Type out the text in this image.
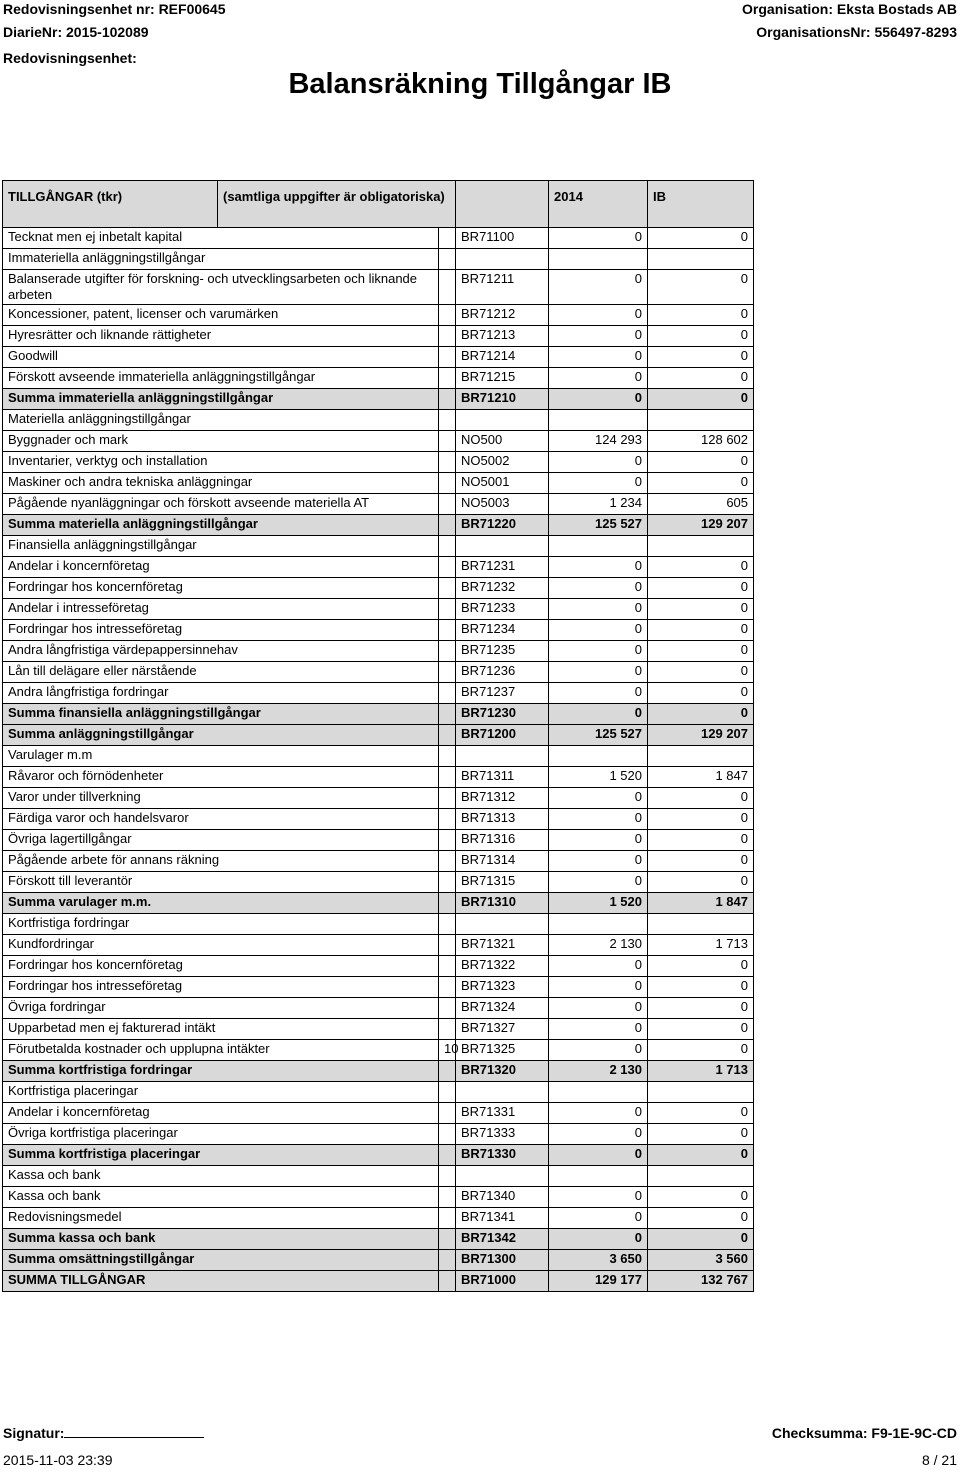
Redovisningsenhet nr: REF00645
DiarieNr: 2015-102089
Redovisningsenhet:
Organisation: Eksta Bostads AB
OrganisationsNr: 556497-8293
Balansräkning Tillgångar IB
TILLGÅNGAR (tkr)	(samtliga uppgifter är obligatoriska)			2014	IB
Tecknat men ej inbetalt kapital			BR71100	0	0
Immateriella anläggningstillgångar					
Balanserade utgifter för forskning- och utvecklingsarbeten och liknande arbeten			BR71211	0	0
Koncessioner, patent, licenser och varumärken			BR71212	0	0
Hyresrätter och liknande rättigheter			BR71213	0	0
Goodwill			BR71214	0	0
Förskott avseende immateriella anläggningstillgångar			BR71215	0	0
Summa immateriella anläggningstillgångar			BR71210	0	0
Materiella anläggningstillgångar					
Byggnader och mark			NO500	124 293	128 602
Inventarier, verktyg och installation			NO5002	0	0
Maskiner och andra tekniska anläggningar			NO5001	0	0
Pågående nyanläggningar och förskott avseende materiella AT			NO5003	1 234	605
Summa materiella anläggningstillgångar			BR71220	125 527	129 207
Finansiella anläggningstillgångar					
Andelar i koncernföretag			BR71231	0	0
Fordringar hos koncernföretag			BR71232	0	0
Andelar i intresseföretag			BR71233	0	0
Fordringar hos intresseföretag			BR71234	0	0
Andra långfristiga värdepappersinnehav			BR71235	0	0
Lån till delägare eller närstående			BR71236	0	0
Andra långfristiga fordringar			BR71237	0	0
Summa finansiella anläggningstillgångar			BR71230	0	0
Summa anläggningstillgångar			BR71200	125 527	129 207
Varulager m.m					
Råvaror och förnödenheter			BR71311	1 520	1 847
Varor under tillverkning			BR71312	0	0
Färdiga varor och handelsvaror			BR71313	0	0
Övriga lagertillgångar			BR71316	0	0
Pågående arbete för annans räkning			BR71314	0	0
Förskott till leverantör			BR71315	0	0
Summa varulager m.m.			BR71310	1 520	1 847
Kortfristiga fordringar					
Kundfordringar			BR71321	2 130	1 713
Fordringar hos koncernföretag			BR71322	0	0
Fordringar hos intresseföretag			BR71323	0	0
Övriga fordringar			BR71324	0	0
Upparbetad men ej fakturerad intäkt			BR71327	0	0
Förutbetalda kostnader och upplupna intäkter		10	BR71325	0	0
Summa kortfristiga fordringar			BR71320	2 130	1 713
Kortfristiga placeringar					
Andelar i koncernföretag			BR71331	0	0
Övriga kortfristiga placeringar			BR71333	0	0
Summa kortfristiga placeringar			BR71330	0	0
Kassa och bank					
Kassa och bank			BR71340	0	0
Redovisningsmedel			BR71341	0	0
Summa kassa och bank			BR71342	0	0
Summa omsättningstillgångar			BR71300	3 650	3 560
SUMMA TILLGÅNGAR			BR71000	129 177	132 767
Signatur:	Checksumma: F9-1E-9C-CD
2015-11-03 23:39	8 / 21
